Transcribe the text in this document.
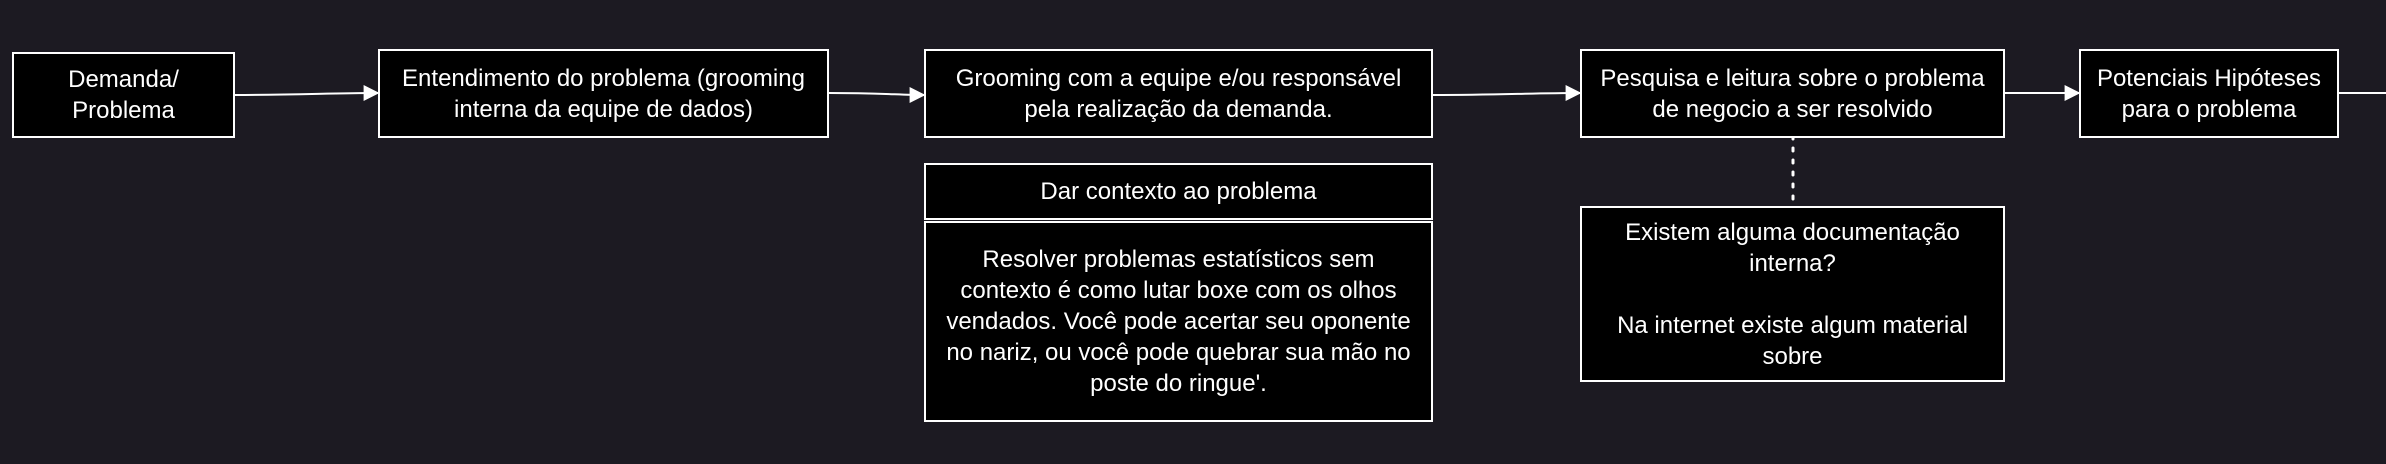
Demanda/
Problema
Entendimento do problema (grooming
interna da equipe de dados)
Grooming com a equipe e/ou responsável
pela realização da demanda.
Dar contexto ao problema
Resolver problemas estatísticos sem
contexto é como lutar boxe com os olhos
vendados. Você pode acertar seu oponente
no nariz, ou você pode quebrar sua mão no
poste do ringue'.
Pesquisa e leitura sobre o problema
de negocio a ser resolvido
Existem alguma documentação
interna?

Na internet existe algum material
sobre
Potenciais Hipóteses
para o problema
